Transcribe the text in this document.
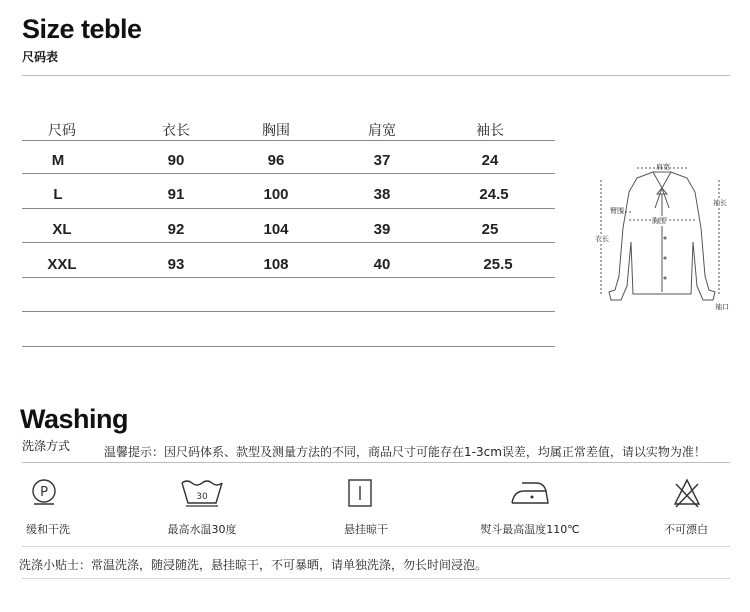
Size teble
尺码表
尺码	衣长	胸围	肩宽	袖长
M	90	96	37	24
L	91	100	38	24.5
XL	92	104	39	25
XXL	93	108	40	25.5
肩宽
臂围
胸围
衣长
袖长
袖口
Washing
洗涤方式	温馨提示：因尺码体系、款型及测量方法的不同，商品尺寸可能存在1-3cm误差，均属正常差值，请以实物为准！
P
缓和干洗
30
最高水温30度	悬挂晾干	熨斗最高温度110℃	不可漂白
洗涤小贴士：常温洗涤，随浸随洗，悬挂晾干，不可暴晒，请单独洗涤，勿长时间浸泡。
